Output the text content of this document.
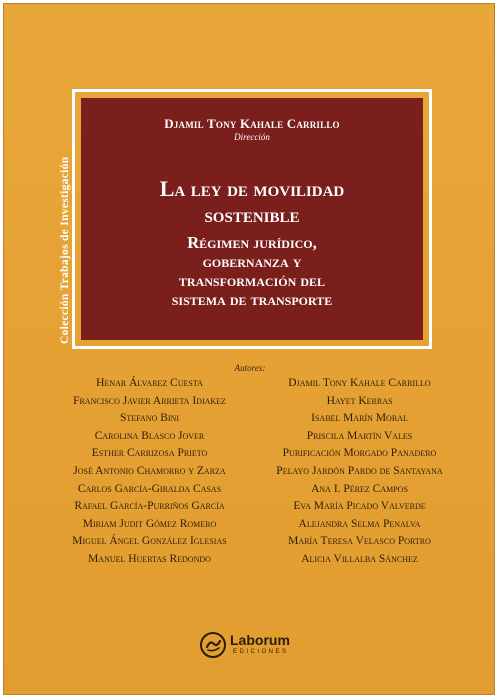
Colección Trabajos de Investigación
Djamil Tony Kahale Carrillo
Dirección
La ley de movilidad
sostenible
Régimen jurídico,
gobernanza y
transformación del
sistema de transporte
Autores:
Henar Álvarez Cuesta
Francisco Javier Arrieta Idiakez
Stefano Bini
Carolina Blasco Jover
Esther Carrizosa Prieto
José Antonio Chamorro y Zarza
Carlos García-Giralda Casas
Rafael García-Purriños García
Miriam Judit Gómez Romero
Miguel Ángel González Iglesias
Manuel Huertas Redondo
Djamil Tony Kahale Carrillo
Hayet Kerras
Isabel Marín Moral
Priscila Martín Vales
Purificación Morgado Panadero
Pelayo Jardón Pardo de Santayana
Ana I. Pérez Campos
Eva María Picado Valverde
Alejandra Selma Penalva
María Teresa Velasco Portro
Alicia Villalba Sánchez
Laborum
EDICIONES
